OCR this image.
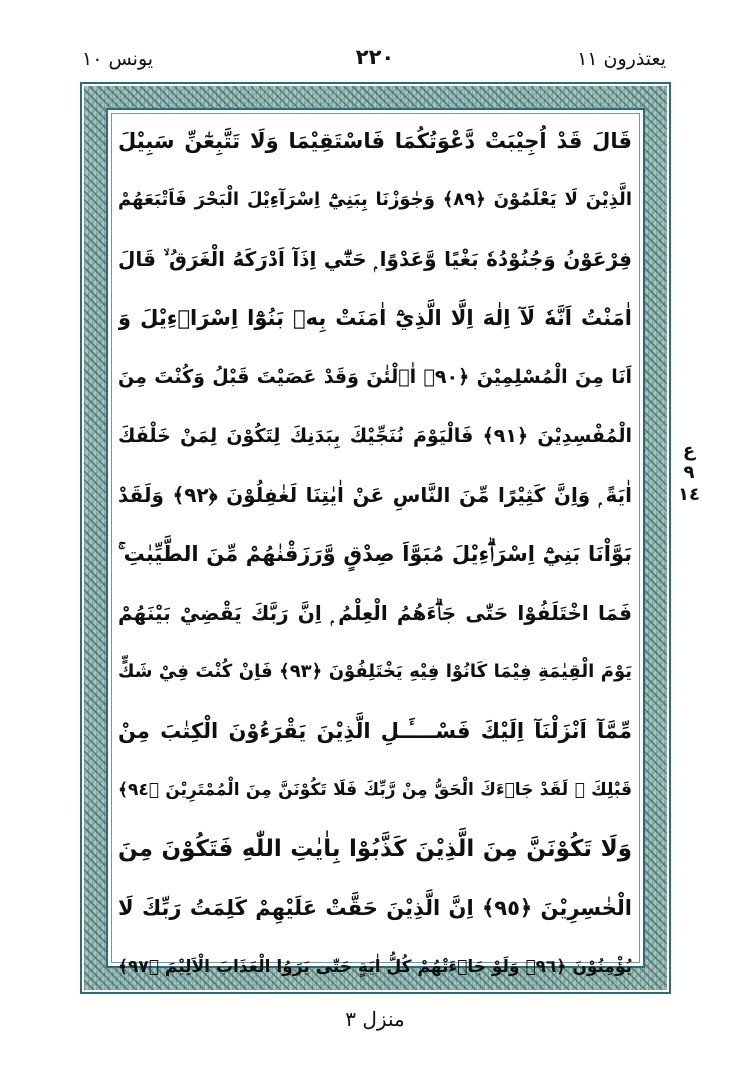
يعتذرون ١١
٢٢٠
يونس ١٠
قَالَ قَدْ اُجِيْبَتْ دَّعْوَتُكُمَا فَاسْتَقِيْمَا وَلَا تَتَّبِعٰٓنِّ سَبِيْلَ
الَّذِيْنَ لَا يَعْلَمُوْنَ ﴿٨٩﴾ وَجٰوَزْنَا بِبَنِيْٓ اِسْرَآءِيْلَ الْبَحْرَ فَاَتْبَعَهُمْ
فِرْعَوْنُ وَجُنُوْدُهٗ بَغْيًا وَّعَدْوًا ۭ حَتّٰٓي اِذَآ اَدْرَكَهُ الْغَرَقُ ۙ قَالَ
اٰمَنْتُ اَنَّهٗ لَآ اِلٰهَ اِلَّا الَّذِيْٓ اٰمَنَتْ بِهٖ بَنُوْٓا اِسْرَاۗءِيْلَ وَ
اَنَا مِنَ الْمُسْلِمِيْنَ ﴿٩٠﴾ اٰۗلْئٰنَ وَقَدْ عَصَيْتَ قَبْلُ وَكُنْتَ مِنَ
الْمُفْسِدِيْنَ ﴿٩١﴾ فَالْيَوْمَ نُنَجِّيْكَ بِبَدَنِكَ لِتَكُوْنَ لِمَنْ خَلْفَكَ
اٰيَةً ۭ وَاِنَّ كَثِيْرًا مِّنَ النَّاسِ عَنْ اٰيٰتِنَا لَغٰفِلُوْنَ ﴿٩٢﴾ وَلَقَدْ
بَوَّاْنَا بَنِيْٓ اِسْرَاۗءِيْلَ مُبَوَّاَ صِدْقٍ وَّرَزَقْنٰھُمْ مِّنَ الطَّيِّبٰتِ ۚ
فَمَا اخْتَلَفُوْا حَتّٰى جَاۗءَھُمُ الْعِلْمُ ۭ اِنَّ رَبَّكَ يَقْضِيْ بَيْنَھُمْ
يَوْمَ الْقِيٰمَةِ فِيْمَا كَانُوْا فِيْهِ يَخْتَلِفُوْنَ ﴿٩٣﴾ فَاِنْ كُنْتَ فِيْ شَكٍّ
مِّمَّآ اَنْزَلْنَآ اِلَيْكَ فَسْــــَٔـلِ الَّذِيْنَ يَقْرَءُوْنَ الْكِتٰبَ مِنْ
قَبْلِكَ ۚ لَقَدْ جَاۗءَكَ الْحَقُّ مِنْ رَّبِّكَ فَلَا تَكُوْنَنَّ مِنَ الْمُمْتَرِيْنَ ﴿٩٤﴾
وَلَا تَكُوْنَنَّ مِنَ الَّذِيْنَ كَذَّبُوْا بِاٰيٰتِ اللّٰهِ فَتَكُوْنَ مِنَ
الْخٰسِرِيْنَ ﴿٩٥﴾ اِنَّ الَّذِيْنَ حَقَّتْ عَلَيْهِمْ كَلِمَتُ رَبِّكَ لَا
يُؤْمِنُوْنَ ﴿٩٦﴾ وَلَوْ جَاۗءَتْهُمْ كُلُّ اٰيَةٍ حَتّٰى يَرَوُا الْعَذَابَ الْاَلِيْمَ ﴿٩٧﴾
ع
٩
١٤
منزل ٣
